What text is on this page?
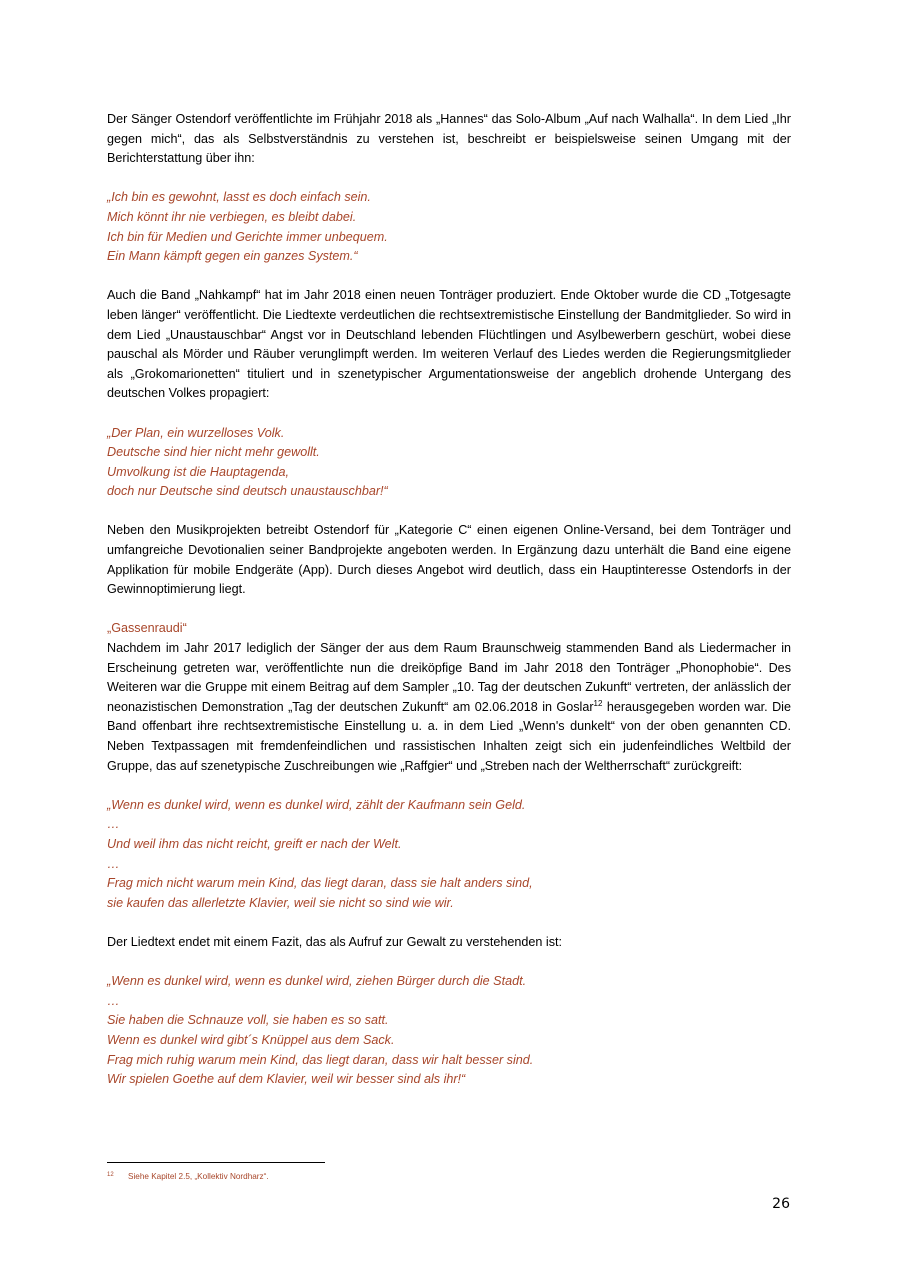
Der Sänger Ostendorf veröffentlichte im Frühjahr 2018 als „Hannes“ das Solo-Album „Auf nach Walhalla“. In dem Lied „Ihr gegen mich“, das als Selbstverständnis zu verstehen ist, beschreibt er beispielsweise seinen Umgang mit der Berichterstattung über ihn:

„Ich bin es gewohnt, lasst es doch einfach sein.
Mich könnt ihr nie verbiegen, es bleibt dabei.
Ich bin für Medien und Gerichte immer unbequem.
Ein Mann kämpft gegen ein ganzes System.“

Auch die Band „Nahkampf“ hat im Jahr 2018 einen neuen Tonträger produziert. Ende Oktober wurde die CD „Totgesagte leben länger“ veröffentlicht. Die Liedtexte verdeutlichen die rechtsextremistische Einstellung der Bandmitglieder. So wird in dem Lied „Unaustauschbar“ Angst vor in Deutschland lebenden Flüchtlingen und Asylbewerbern geschürt, wobei diese pauschal als Mörder und Räuber verunglimpft werden. Im weiteren Verlauf des Liedes werden die Regierungsmitglieder als „Grokomarionetten“ tituliert und in szenetypischer Argumentationsweise der angeblich drohende Untergang des deutschen Volkes propagiert:

„Der Plan, ein wurzelloses Volk.
Deutsche sind hier nicht mehr gewollt.
Umvolkung ist die Hauptagenda,
doch nur Deutsche sind deutsch unaustauschbar!“

Neben den Musikprojekten betreibt Ostendorf für „Kategorie C“ einen eigenen Online-Versand, bei dem Tonträger und umfangreiche Devotionalien seiner Bandprojekte angeboten werden. In Ergänzung dazu unterhält die Band eine eigene Applikation für mobile Endgeräte (App). Durch dieses Angebot wird deutlich, dass ein Hauptinteresse Ostendorfs in der Gewinnoptimierung liegt.

„Gassenraudi“

Nachdem im Jahr 2017 lediglich der Sänger der aus dem Raum Braunschweig stammenden Band als Liedermacher in Erscheinung getreten war, veröffentlichte nun die dreiköpfige Band im Jahr 2018 den Tonträger „Phonophobie“. Des Weiteren war die Gruppe mit einem Beitrag auf dem Sampler „10. Tag der deutschen Zukunft“ vertreten, der anlässlich der neonazistischen Demonstration „Tag der deutschen Zukunft“ am 02.06.2018 in Goslar$^{12}$ herausgegeben worden war. Die Band offenbart ihre rechtsextremistische Einstellung u. a. in dem Lied „Wenn's dunkelt“ von der oben genannten CD. Neben Textpassagen mit fremdenfeindlichen und rassistischen Inhalten zeigt sich ein judenfeindliches Weltbild der Gruppe, das auf szenetypische Zuschreibungen wie „Raffgier“ und „Streben nach der Weltherrschaft“ zurückgreift:

„Wenn es dunkel wird, wenn es dunkel wird, zählt der Kaufmann sein Geld.
…
Und weil ihm das nicht reicht, greift er nach der Welt.
…
Frag mich nicht warum mein Kind, das liegt daran, dass sie halt anders sind,
sie kaufen das allerletzte Klavier, weil sie nicht so sind wie wir.

Der Liedtext endet mit einem Fazit, das als Aufruf zur Gewalt zu verstehenden ist:

„Wenn es dunkel wird, wenn es dunkel wird, ziehen Bürger durch die Stadt.
…
Sie haben die Schnauze voll, sie haben es so satt.
Wenn es dunkel wird gibt´s Knüppel aus dem Sack.
Frag mich ruhig warum mein Kind, das liegt daran, dass wir halt besser sind.
Wir spielen Goethe auf dem Klavier, weil wir besser sind als ihr!“
12 Siehe Kapitel 2.5, „Kollektiv Nordharz“.
26
